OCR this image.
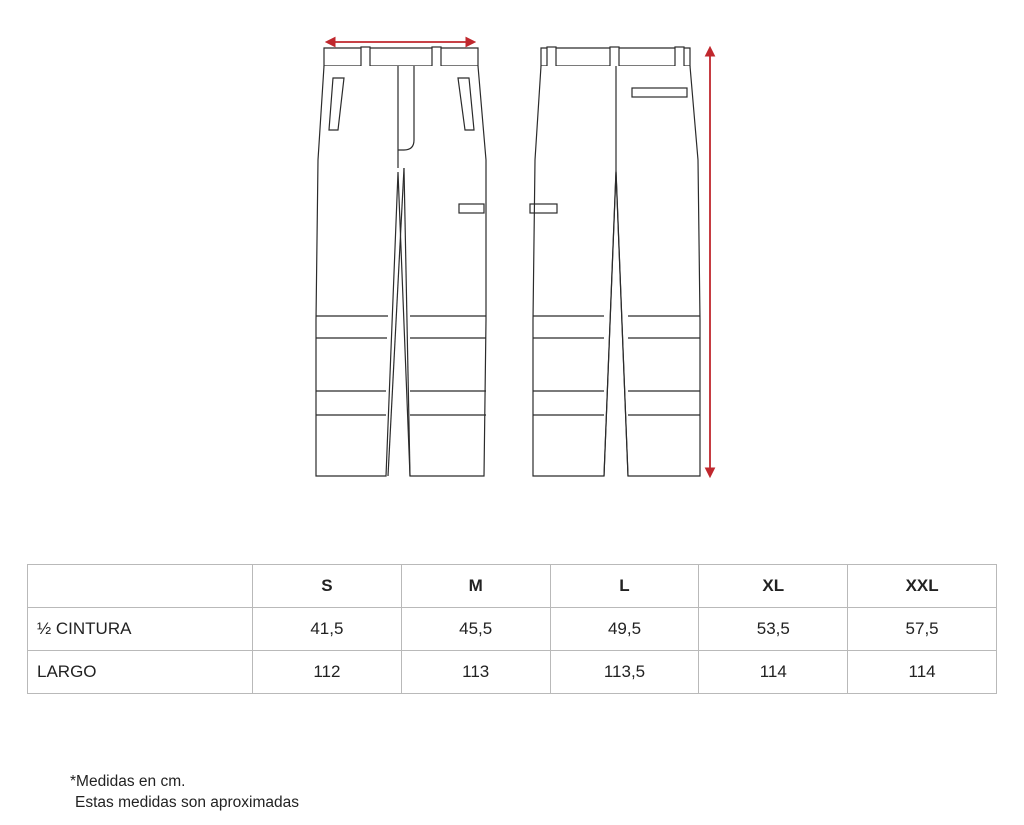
	S	M	L	XL	XXL
½ CINTURA	41,5	45,5	49,5	53,5	57,5
LARGO	112	113	113,5	114	114
*Medidas en cm.
Estas medidas son aproximadas
